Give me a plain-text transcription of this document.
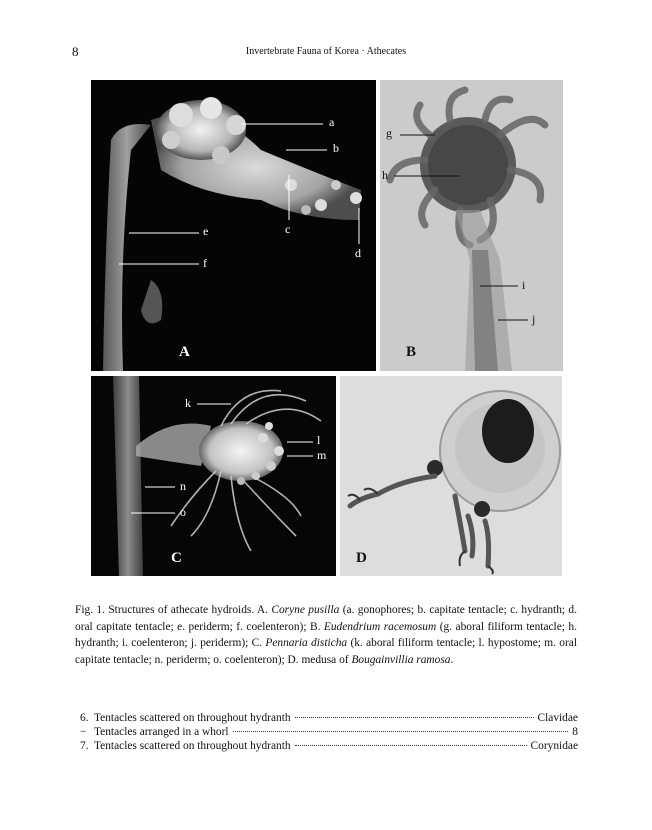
8	Invertebrate Fauna of Korea · Athecates
a
b
c
d
e
f
A
g
h
i
j
B
k
l
m
n
o
C	D
Fig. 1. Structures of athecate hydroids. A. Coryne pusilla (a. gonophores; b. capitate tentacle; c. hydranth; d. oral capitate tentacle; e. periderm; f. coelenteron); B. Eudendrium racemosum (g. aboral filiform tentacle; h. hydranth; i. coelenteron; j. periderm); C. Pennaria disticha (k. aboral filiform tentacle; l. hypostome; m. oral capitate tentacle; n. periderm; o. coelenteron); D. medusa of Bougainvillia ramosa.
6. Tentacles scattered on throughout hydranth	Clavidae
− Tentacles arranged in a whorl	8
7. Tentacles scattered on throughout hydranth	Corynidae
